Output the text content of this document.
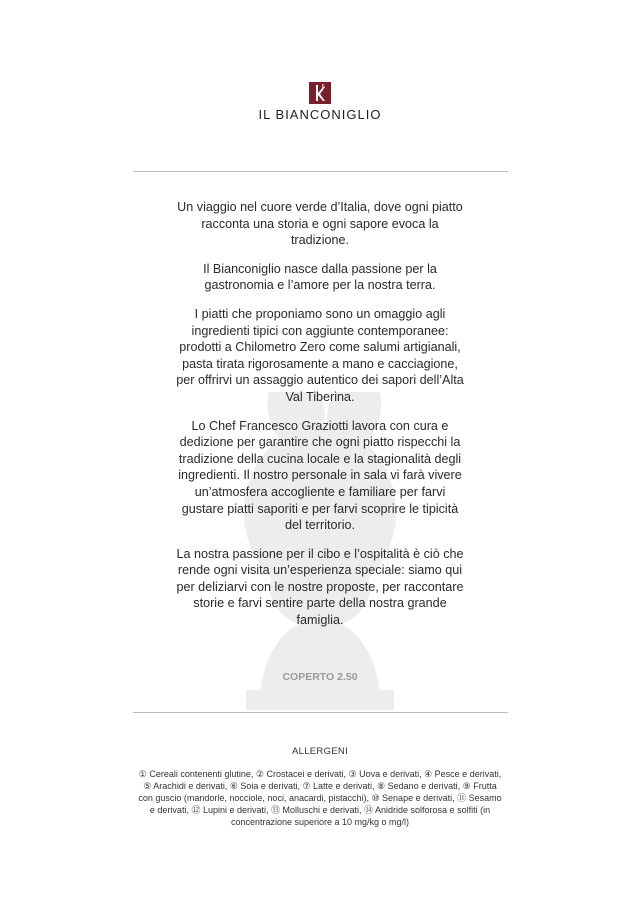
IL BIANCONIGLIO

Un viaggio nel cuore verde d’Italia, dove ogni piatto racconta una storia e ogni sapore evoca la tradizione.

Il Bianconiglio nasce dalla passione per la gastronomia e l’amore per la nostra terra.

I piatti che proponiamo sono un omaggio agli ingredienti tipici con aggiunte contemporanee: prodotti a Chilometro Zero come salumi artigianali, pasta tirata rigorosamente a mano e cacciagione, per offrirvi un assaggio autentico dei sapori dell’Alta Val Tiberina.

Lo Chef Francesco Graziotti lavora con cura e dedizione per garantire che ogni piatto rispecchi la tradizione della cucina locale e la stagionalità degli ingredienti. Il nostro personale in sala vi farà vivere un’atmosfera accogliente e familiare per farvi gustare piatti saporiti e per farvi scoprire le tipicità del territorio.

La nostra passione per il cibo e l’ospitalità è ciò che rende ogni visita un’esperienza speciale: siamo qui per deliziarvi con le nostre proposte, per raccontare storie e farvi sentire parte della nostra grande famiglia.

COPERTO 2.50
ALLERGENI
① Cereali contenenti glutine, ② Crostacei e derivati, ③ Uova e derivati, ④ Pesce e derivati, ⑤ Arachidi e derivati, ⑥ Soia e derivati, ⑦ Latte e derivati, ⑧ Sedano e derivati, ⑨ Frutta con guscio (mandorle, nocciole, noci, anacardi, pistacchi), ⑩ Senape e derivati, ⑪ Sesamo e derivati, ⑫ Lupini e derivati, ⑬ Molluschi e derivati, ⑭ Anidride solforosa e solfiti (in concentrazione superiore a 10 mg/kg o mg/l)
